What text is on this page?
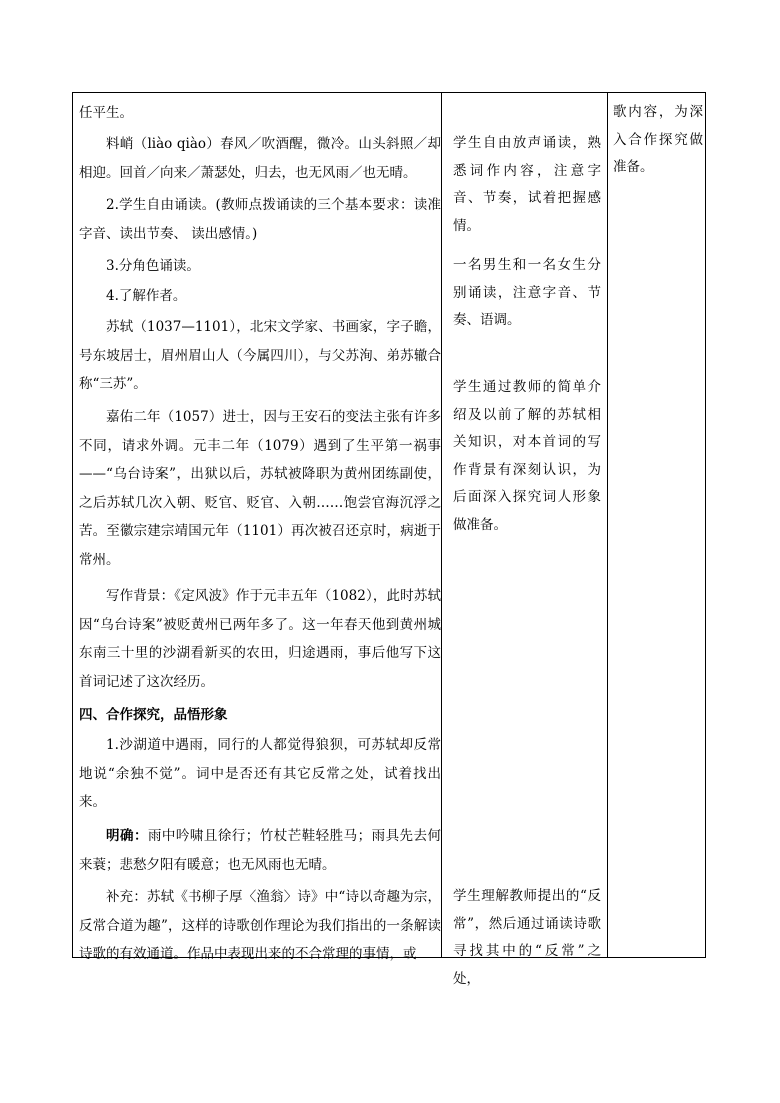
任平生。

料峭（liào qiào）春风／吹酒醒，微冷。山头斜照／却相迎。回首／向来／萧瑟处，归去，也无风雨／也无晴。

2.学生自由诵读。(教师点拨诵读的三个基本要求：读准字音、读出节奏、 读出感情。)

3.分角色诵读。

4.了解作者。

苏轼（1037—1101），北宋文学家、书画家，字子瞻，号东坡居士，眉州眉山人（今属四川），与父苏洵、弟苏辙合称“三苏”。

嘉佑二年（1057）进士，因与王安石的变法主张有许多不同，请求外调。元丰二年（1079）遇到了生平第一祸事——“乌台诗案”，出狱以后，苏轼被降职为黄州团练副使，之后苏轼几次入朝、贬官、贬官、入朝……饱尝官海沉浮之苦。至徽宗建宗靖国元年（1101）再次被召还京时，病逝于常州。

写作背景：《定风波》作于元丰五年（1082），此时苏轼因“乌台诗案”被贬黄州已两年多了。这一年春天他到黄州城东南三十里的沙湖看新买的农田，归途遇雨，事后他写下这首词记述了这次经历。

四、合作探究，品悟形象

1.沙湖道中遇雨，同行的人都觉得狼狈，可苏轼却反常地说“余独不觉”。词中是否还有其它反常之处，试着找出来。

明确：雨中吟啸且徐行；竹杖芒鞋轻胜马；雨具先去何来蓑；悲愁夕阳有暖意；也无风雨也无晴。

补充：苏轼《书柳子厚〈渔翁〉诗》中“诗以奇趣为宗，反常合道为趣”，这样的诗歌创作理论为我们指出的一条解读诗歌的有效通道。作品中表现出来的不合常理的事情，或

学生自由放声诵读，熟悉词作内容，注意字音、节奏，试着把握感情。

一名男生和一名女生分别诵读，注意字音、节奏、语调。

学生通过教师的简单介绍及以前了解的苏轼相关知识，对本首词的写作背景有深刻认识，为后面深入探究词人形象做准备。

学生理解教师提出的“反常”，然后通过诵读诗歌寻找其中的“反常”之处，

歌内容，为深入合作探究做准备。
